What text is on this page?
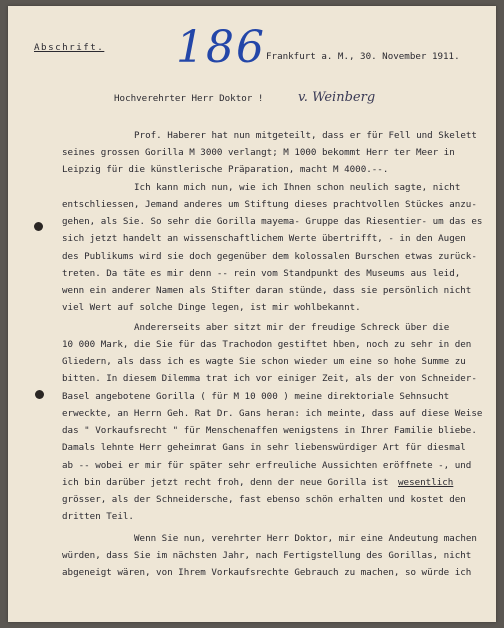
Abschrift. 186 Frankfurt a. M., 30. November 1911.
Hochverehrter Herr Doktor !	v. Weinberg
Prof. Haberer hat nun mitgeteilt, dass er für Fell und Skelett
seines grossen Gorilla M 3000 verlangt; M 1000 bekommt Herr ter Meer in
Leipzig für die künstlerische Präparation, macht M 4000.--.
Ich kann mich nun, wie ich Ihnen schon neulich sagte, nicht
entschliessen, Jemand anderes um Stiftung dieses prachtvollen Stückes anzu-
gehen, als Sie. So sehr die Gorilla mayema- Gruppe das Riesentier- um das es
sich jetzt handelt an wissenschaftlichem Werte übertrifft, - in den Augen
des Publikums wird sie doch gegenüber dem kolossalen Burschen etwas zurück-
treten. Da täte es mir denn -- rein vom Standpunkt des Museums aus leid,
wenn ein anderer Namen als Stifter daran stünde, dass sie persönlich nicht
viel Wert auf solche Dinge legen, ist mir wohlbekannt.
Andererseits aber sitzt mir der freudige Schreck über die
10 000 Mark, die Sie für das Trachodon gestiftet hben, noch zu sehr in den
Gliedern, als dass ich es wagte Sie schon wieder um eine so hohe Summe zu
bitten. In diesem Dilemma trat ich vor einiger Zeit, als der von Schneider-
Basel angebotene Gorilla ( für M 10 000 ) meine direktoriale Sehnsucht
erweckte, an Herrn Geh. Rat Dr. Gans heran: ich meinte, dass auf diese Weise
das " Vorkaufsrecht " für Menschenaffen wenigstens in Ihrer Familie bliebe.
Damals lehnte Herr geheimrat Gans in sehr liebenswürdiger Art für diesmal
ab -- wobei er mir für später sehr erfreuliche Aussichten eröffnete -, und
ich bin darüber jetzt recht froh, denn der neue Gorilla ist wesentlich
grösser, als der Schneidersche, fast ebenso schön erhalten und kostet den
dritten Teil.
Wenn Sie nun, verehrter Herr Doktor, mir eine Andeutung machen
würden, dass Sie im nächsten Jahr, nach Fertigstellung des Gorillas, nicht
abgeneigt wären, von Ihrem Vorkaufsrechte Gebrauch zu machen, so würde ich
